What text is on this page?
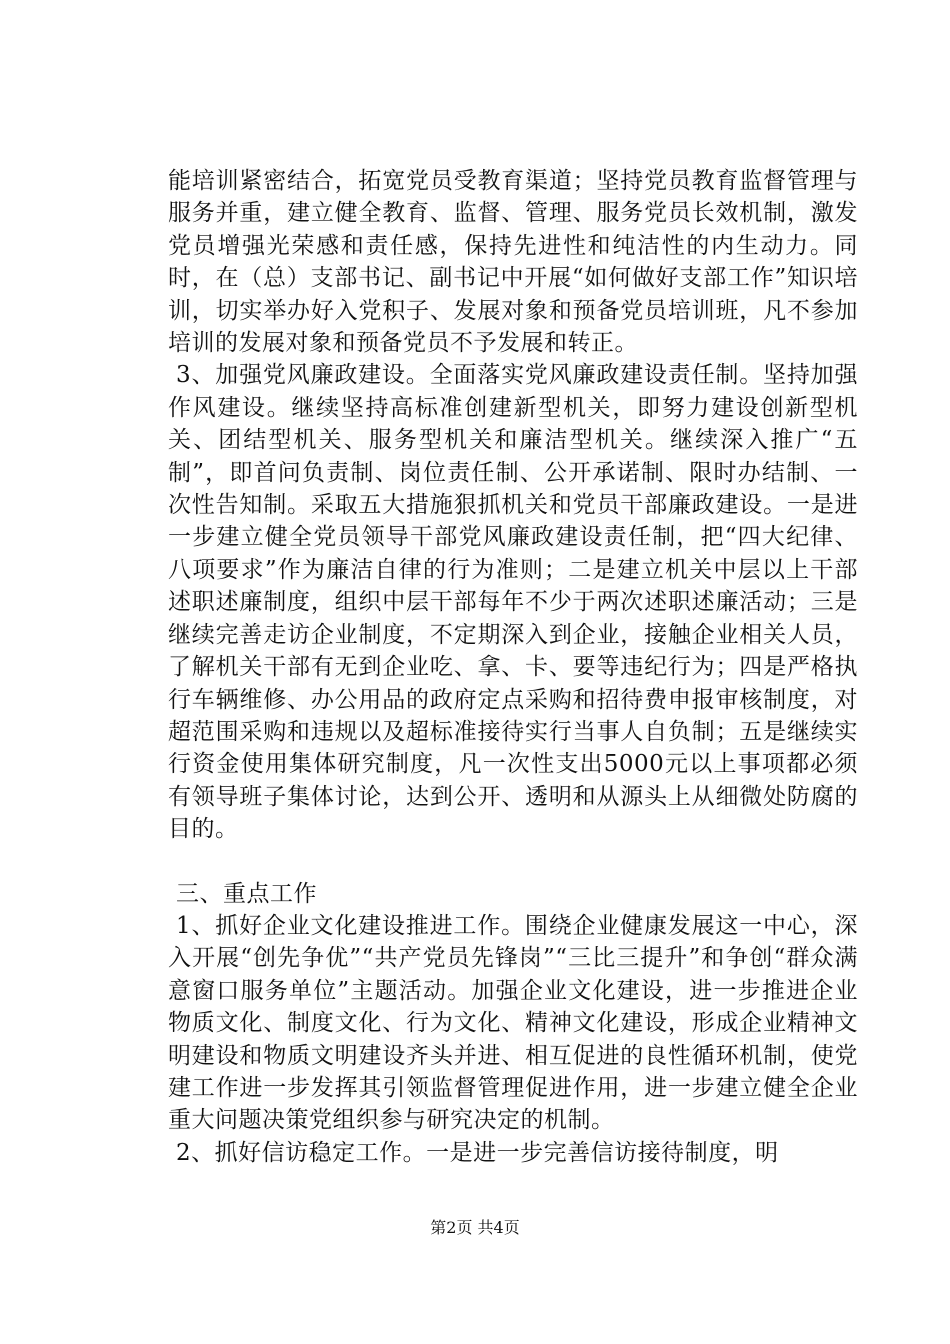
能培训紧密结合，拓宽党员受教育渠道；坚持党员教育监督管理与服务并重，建立健全教育、监督、管理、服务党员长效机制，激发党员增强光荣感和责任感，保持先进性和纯洁性的内生动力。同时，在（总）支部书记、副书记中开展“如何做好支部工作”知识培训，切实举办好入党积子、发展对象和预备党员培训班，凡不参加培训的发展对象和预备党员不予发展和转正。

3、加强党风廉政建设。全面落实党风廉政建设责任制。坚持加强作风建设。继续坚持高标准创建新型机关，即努力建设创新型机关、团结型机关、服务型机关和廉洁型机关。继续深入推广“五制”，即首问负责制、岗位责任制、公开承诺制、限时办结制、一次性告知制。采取五大措施狠抓机关和党员干部廉政建设。一是进一步建立健全党员领导干部党风廉政建设责任制，把“四大纪律、八项要求”作为廉洁自律的行为准则；二是建立机关中层以上干部述职述廉制度，组织中层干部每年不少于两次述职述廉活动；三是继续完善走访企业制度，不定期深入到企业，接触企业相关人员，了解机关干部有无到企业吃、拿、卡、要等违纪行为；四是严格执行车辆维修、办公用品的政府定点采购和招待费申报审核制度，对超范围采购和违规以及超标准接待实行当事人自负制；五是继续实行资金使用集体研究制度，凡一次性支出5000元以上事项都必须有领导班子集体讨论，达到公开、透明和从源头上从细微处防腐的目的。

三、重点工作

1、抓好企业文化建设推进工作。围绕企业健康发展这一中心，深入开展“创先争优”“共产党员先锋岗”“三比三提升”和争创“群众满意窗口服务单位”主题活动。加强企业文化建设，进一步推进企业物质文化、制度文化、行为文化、精神文化建设，形成企业精神文明建设和物质文明建设齐头并进、相互促进的良性循环机制，使党建工作进一步发挥其引领监督管理促进作用，进一步建立健全企业重大问题决策党组织参与研究决定的机制。

2、抓好信访稳定工作。一是进一步完善信访接待制度，明

第2页 共4页
